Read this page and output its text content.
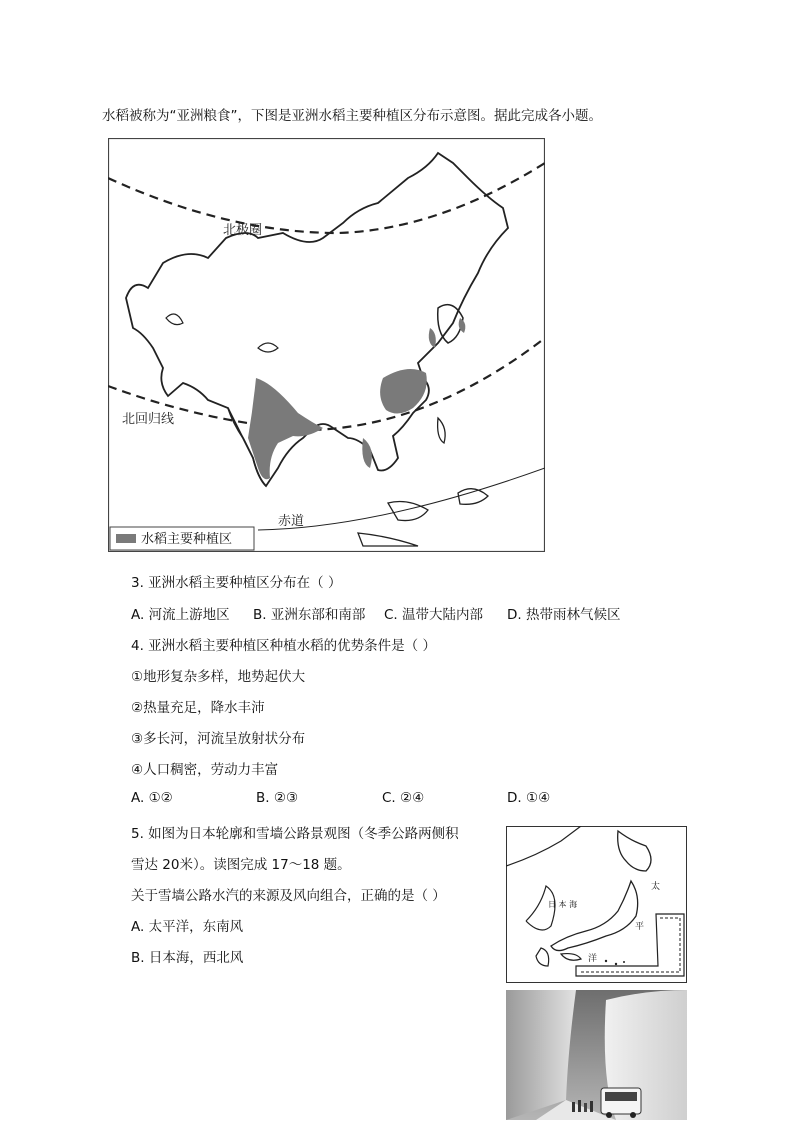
水稻被称为“亚洲粮食”，下图是亚洲水稻主要种植区分布示意图。据此完成各小题。
北极圈
北回归线
赤道
水稻主要种植区
3. 亚洲水稻主要种植区分布在（ ）
A. 河流上游地区 B. 亚洲东部和南部 C. 温带大陆内部 D. 热带雨林气候区
4. 亚洲水稻主要种植区种植水稻的优势条件是（ ）
①地形复杂多样，地势起伏大
②热量充足，降水丰沛
③多长河，河流呈放射状分布
④人口稠密，劳动力丰富
A. ①②	B. ②③	C. ②④	D. ①④
5. 如图为日本轮廓和雪墙公路景观图（冬季公路两侧积
雪达 20米）。读图完成 17～18 题。
关于雪墙公路水汽的来源及风向组合，正确的是（ ）
A. 太平洋，东南风
B. 日本海，西北风
日 本 海
太
平
洋
